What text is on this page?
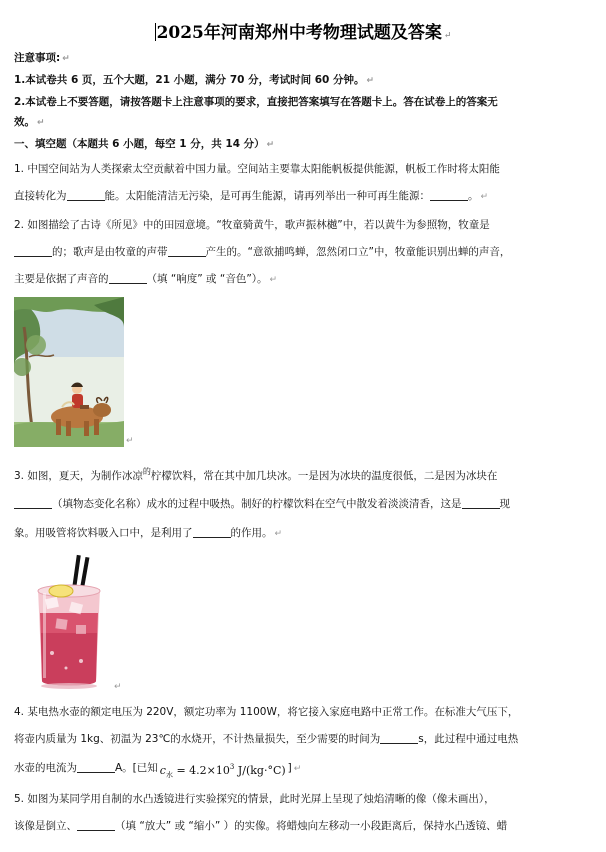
2025年河南郑州中考物理试题及答案 ↵
注意事项: ↵
1.本试卷共 6 页，五个大题，21 小题，满分 70 分，考试时间 60 分钟。 ↵
2.本试卷上不要答题，请按答题卡上注意事项的要求，直接把答案填写在答题卡上。答在试卷上的答案无
效。 ↵
一、填空题（本题共 6 小题，每空 1 分，共 14 分） ↵
1. 中国空间站为人类探索太空贡献着中国力量。空间站主要靠太阳能帆板提供能源，帆板工作时将太阳能
直接转化为	能。太阳能清洁无污染，是可再生能源，请再列举出一种可再生能源：	。 ↵
2. 如图描绘了古诗《所见》中的田园意境。“牧童骑黄牛，歌声振林樾”中，若以黄牛为参照物，牧童是
的；歌声是由牧童的声带	产生的。“意欲捕鸣蝉，忽然闭口立”中，牧童能识别出蝉的声音，
主要是依据了声音的	（填 “响度” 或 “音色”）。 ↵
↵
3. 如图，夏天，为制作冰凉$^的$柠檬饮料，常在其中加几块冰。一是因为冰块的温度很低，二是因为冰块在
（填物态变化名称）成水的过程中吸热。制好的柠檬饮料在空气中散发着淡淡清香，这是	现
象。用吸管将饮料吸入口中，是利用了	的作用。 ↵
↵
4. 某电热水壶的额定电压为 220V，额定功率为 1100W，将它接入家庭电路中正常工作。在标准大气压下，
将壶内质量为 1kg、初温为 23℃的水烧开，不计热量损失，至少需要的时间为	s，此过程中通过电热
水壶的电流为	A。[已知 $c_水 = 4.2\times 10^3$ J/(kg·°C) ] ↵
5. 如图为某同学用自制的水凸透镜进行实验探究的情景，此时光屏上呈现了烛焰清晰的像（像未画出），
该像是倒立、	（填 “放大” 或 “缩小” ）的实像。将蜡烛向左移动一小段距离后，保持水凸透镜、蜡
